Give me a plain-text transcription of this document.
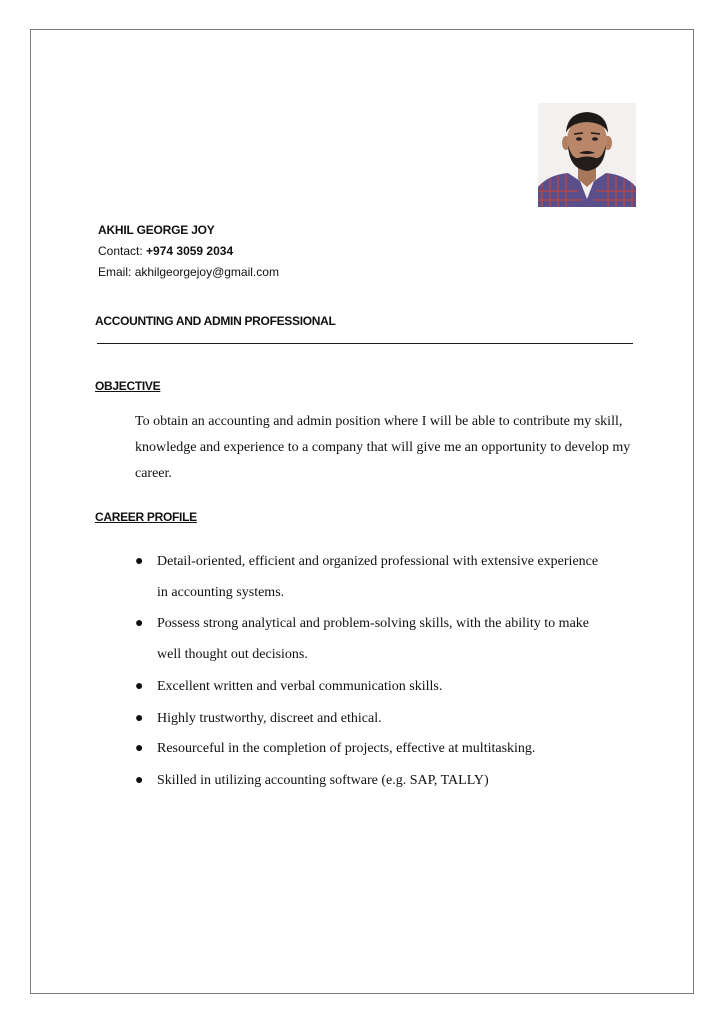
AKHIL GEORGE JOY
Contact: +974 3059 2034
Email: akhilgeorgejoy@gmail.com
ACCOUNTING AND ADMIN PROFESSIONAL
OBJECTIVE
To obtain an accounting and admin position where I will be able to contribute my skill, knowledge and experience to a company that will give me an opportunity to develop my career.
CAREER PROFILE
● Detail-oriented, efficient and organized professional with extensive experience in accounting systems.
● Possess strong analytical and problem-solving skills, with the ability to make well thought out decisions.
● Excellent written and verbal communication skills.
● Highly trustworthy, discreet and ethical.
● Resourceful in the completion of projects, effective at multitasking.
● Skilled in utilizing accounting software (e.g. SAP, TALLY)
